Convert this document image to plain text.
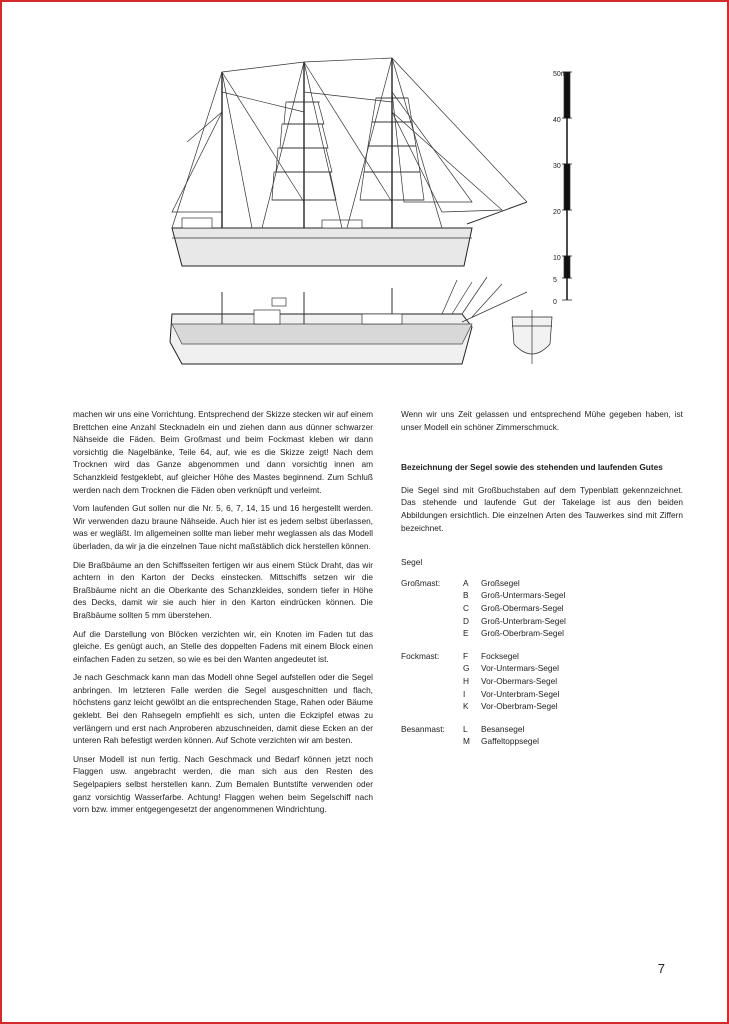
50m
40
30
20
10
5
0

machen wir uns eine Vorrichtung. Entsprechend der Skizze stecken wir auf einem Brettchen eine Anzahl Stecknadeln ein und ziehen dann aus dünner schwarzer Nähseide die Fäden. Beim Großmast und beim Fockmast kleben wir dann vorsichtig die Nagelbänke, Teile 64, auf, wie es die Skizze zeigt! Nach dem Trocknen wird das Ganze abgenommen und dann vorsichtig innen am Schanzkleid festgeklebt, auf gleicher Höhe des Mastes beginnend. Zum Schluß werden nach dem Trocknen die Fäden oben verknüpft und verleimt.

Vom laufenden Gut sollen nur die Nr. 5, 6, 7, 14, 15 und 16 hergestellt werden. Wir verwenden dazu braune Nähseide. Auch hier ist es jedem selbst überlassen, was er wegläßt. Im allgemeinen sollte man lieber mehr weglassen als das Modell überladen, da wir ja die einzelnen Taue nicht maßstäblich dick herstellen können.

Die Braßbäume an den Schiffsseiten fertigen wir aus einem Stück Draht, das wir achtern in den Karton der Decks einstecken. Mittschiffs setzen wir die Braßbäume nicht an die Oberkante des Schanzkleides, sondern tiefer in Höhe des Decks, damit wir sie auch hier in den Karton eindrücken können. Die Braßbäume sollten 5 mm überstehen.

Auf die Darstellung von Blöcken verzichten wir, ein Knoten im Faden tut das gleiche. Es genügt auch, an Stelle des doppelten Fadens mit einem Block einen einfachen Faden zu setzen, so wie es bei den Wanten angedeutet ist.

Je nach Geschmack kann man das Modell ohne Segel aufstellen oder die Segel anbringen. Im letzteren Falle werden die Segel ausgeschnitten und flach, höchstens ganz leicht gewölbt an die entsprechenden Stage, Rahen oder Bäume geklebt. Bei den Rahsegeln empfiehlt es sich, unten die Eckzipfel etwas zu verlängern und erst nach Anproberen abzuschneiden, damit diese Ecken an der unteren Rah befestigt werden können. Auf Schote verzichten wir am besten.

Unser Modell ist nun fertig. Nach Geschmack und Bedarf können jetzt noch Flaggen usw. angebracht werden, die man sich aus den Resten des Segelpapiers selbst herstellen kann. Zum Bemalen Buntstifte verwenden oder ganz vorsichtig Wasserfarbe. Achtung! Flaggen wehen beim Segelschiff nach vorn bzw. immer entgegengesetzt der angenommenen Windrichtung.

Wenn wir uns Zeit gelassen und entsprechend Mühe gegeben haben, ist unser Modell ein schöner Zimmerschmuck.

Bezeichnung der Segel sowie des stehenden und laufenden Gutes

Die Segel sind mit Großbuchstaben auf dem Typenblatt gekennzeichnet. Das stehende und laufende Gut der Takelage ist aus den beiden Abbildungen ersichtlich. Die einzelnen Arten des Tauwerkes sind mit Ziffern bezeichnet.

Segel
Großmast:	A	Großsegel
B	Groß-Untermars-Segel
C	Groß-Obermars-Segel
D	Groß-Unterbram-Segel
E	Groß-Oberbram-Segel
Fockmast:	F	Focksegel
G	Vor-Untermars-Segel
H	Vor-Obermars-Segel
I	Vor-Unterbram-Segel
K	Vor-Oberbram-Segel
Besanmast:	L	Besansegel
M	Gaffeltoppsegel
7
